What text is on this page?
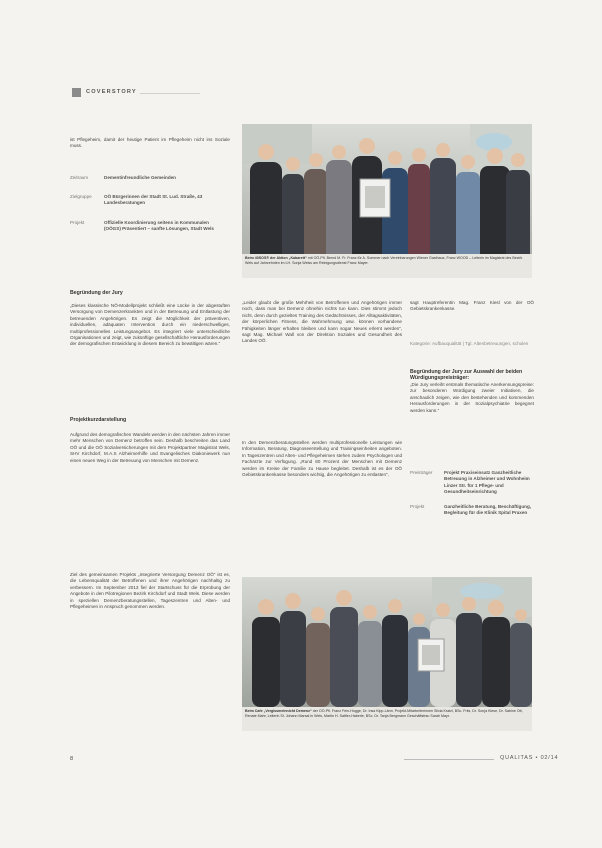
COVERSTORY

ist Pflegeheim, damit der heutige Patient im Pflegeheim nicht ins Soziale muss.

Zeitraum	Dementinfreundliche Gemeinden
Zielgruppe	OÖ Bürgerinnen der Stadt St. Lud. Straße, 43 Landesberatungen
Projekt	Offizielle Koordinierung seitens in Kommunalen (OÖGS) Präsentiert – sanfte Lösungen, Stadt Wels
Beim 40SOS® der Aktion „Kabarett“ mit OÖ-Pfl. Bernd M. Fr. Franz für A. Sommer nach Vereinbarungen Wiener Gasthaus, Franz WOOD – Leiterin im Magistrat des Bezirk Wels auf Jahrzehnten im LH. Sonja Weiss am Reinigungsdienst Franz Mayer.

Begründung der Jury

„Dieses klassische NÖ-Modellprojekt schließt eine Lücke in der abgestuften Versorgung von Demenzerkrankten und in der Betreuung und Entlastung der betreuenden Angehörigen. Es zeigt die Möglichkeit der präventiven, individuellen, adäquaten Intervention durch ein niederschwelliges, multiprofessionelles Leistungsangebot. Es integriert viele unterschiedliche Organisationen und zeigt, wie zukünftige gesellschaftliche Herausforderungen der demografischen Entwicklung in diesem Bereich zu bewältigen wären.“

Projektkurzdarstellung

Aufgrund des demografischen Wandels werden in den nächsten Jahren immer mehr Menschen von Demenz betroffen sein. Deshalb beschreiten das Land OÖ und die OÖ Sozialversicherungen mit dem Projektpartner Magistrat Wels, SHV Kirchdorf, M.A.S Alzheimerhilfe und Evangelisches Diakoniewerk nun einen neuen Weg in der Betreuung von Menschen mit Demenz.

Ziel des gemeinsamen Projekts „Integrierte Versorgung Demenz OÖ“ ist es, die Lebensqualität der Betroffenen und ihrer Angehörigen nachhaltig zu verbessern. Im September 2013 fiel der Startschuss für die Erprobung der Angebote in den Pilotregionen Bezirk Kirchdorf und Stadt Wels. Diese werden in speziellen Demenzberatungsstellen, Tageszentren und Alten- und Pflegeheimen in Anspruch genommen werden.

„Leider glaubt die große Mehrheit von Betroffenen und Angehörigen immer noch, dass man bei Demenz ohnehin nichts tun kann. Dies stimmt jedoch nicht, denn durch gezieltes Training des Gedächtnisses, der Alltagsaktivitäten, der körperlichen Fitness, die Wahrnehmung usw. können vorhandene Fähigkeiten länger erhalten bleiben und kann sogar Neues erlernt werden“, sagt Mag. Michael Wall von der Direktion Soziales und Gesundheit des Landes OÖ.

In den Demenzberatungsstellen werden multiprofessionelle Leistungen wie Information, Beratung, Diagnoseerstellung und Trainingseinheiten angeboten. In Tageszentren und Alten- und Pflegeheimen stehen zudem Psychologen und Fachärzte zur Verfügung. „Rund 80 Prozent der Menschen mit Demenz werden im Kreise der Familie zu Hause begleitet. Deshalb ist es der OÖ Gebietskrankenkasse besonders wichtig, die Angehörigen zu entlasten“,

sagt Hauptreferentin Mag. Franz Kiesl von der OÖ Gebietskrankenkasse.

Kategorie: Aufbauqualität | Tgl. Altenbetreuungen, schulen

Begründung der Jury zur Auswahl der beiden Würdigungspreisträger:

„Die Jury verleiht erstmals thematische Anerkennungspreise: zur besonderen Würdigung zweier Initiativen, die anschaulich zeigen, wie den bestehenden und kommenden Herausforderungen in der Sozialpsychiatrie begegnet werden kann.“

Preisträger	Projekt Praxiseinsatz Ganzheitliche Betreuung in Alzheimer und Wohnheim Linzer Str. für 1 Pflege- und Gesundheitseinrichtung
Projekt	Ganzheitliche Beratung, Beschäftigung, Begleitung für die Klinik Spital Praxen
Beim Cafe „Vergissmeinnicht Demenz“ der OÖ-Pfl. Franz Fein-Hogge, Dr. Insa Kipp-Lärm, Projekt-Mitarbeiterinnen Silvia Kratzl, BSc. Fritz, Dr. Sonja Kiese, Dr. Sabine Ott, Renate Mahr, Leiterin St. Johann Marsal in Wels, Martin H. Sattler-Haberle, BSc. Dr. Tanja Bergmann Geschäftsfrau Sarah Mayr.
8	QUALITAS • 02/14
